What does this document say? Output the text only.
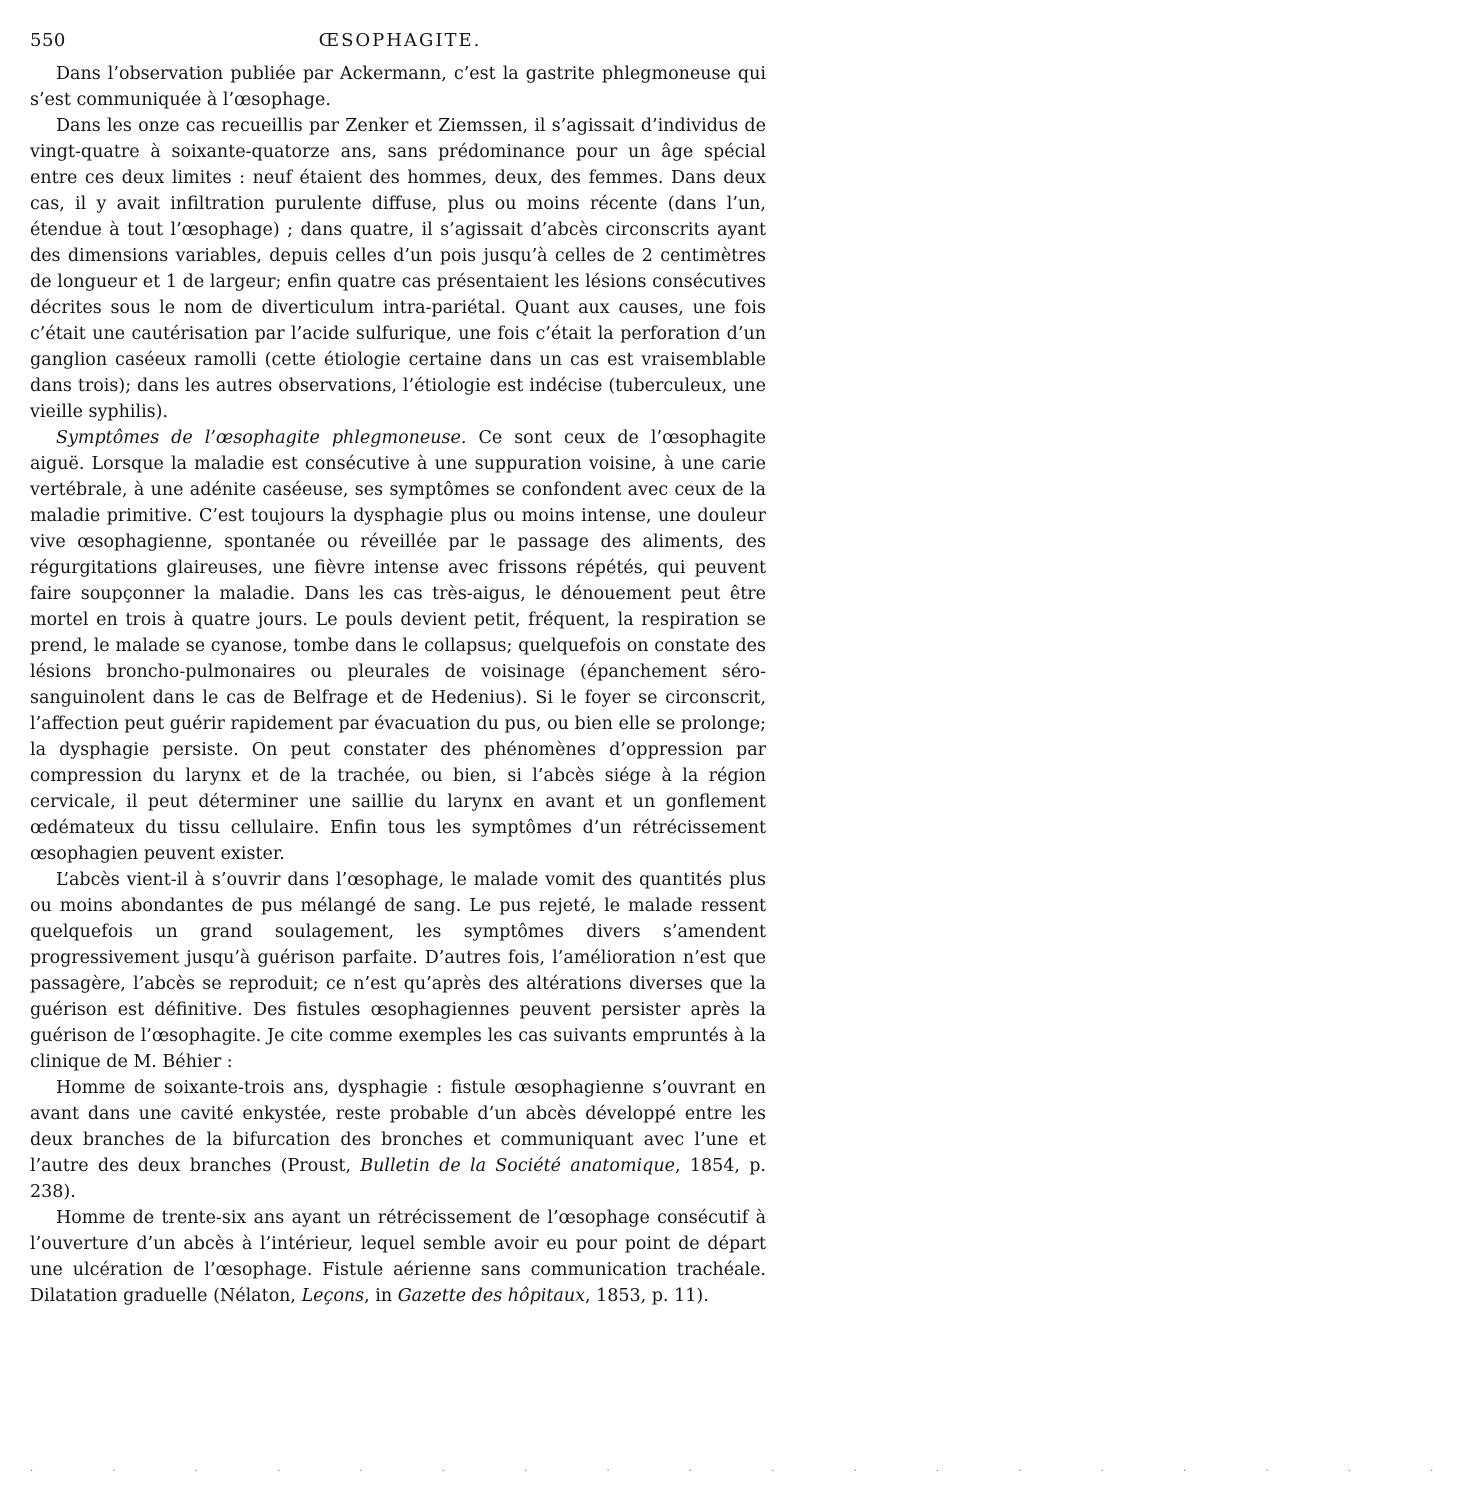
550	ŒSOPHAGITE.

Dans l’observation publiée par Ackermann, c’est la gastrite phlegmoneuse qui s’est communiquée à l’œsophage.

Dans les onze cas recueillis par Zenker et Ziemssen, il s’agissait d’individus de vingt-quatre à soixante-quatorze ans, sans prédominance pour un âge spécial entre ces deux limites : neuf étaient des hommes, deux, des femmes. Dans deux cas, il y avait infiltration purulente diffuse, plus ou moins récente (dans l’un, étendue à tout l’œsophage) ; dans quatre, il s’agissait d’abcès circonscrits ayant des dimensions variables, depuis celles d’un pois jusqu’à celles de 2 centimètres de longueur et 1 de largeur; enfin quatre cas présentaient les lésions consécutives décrites sous le nom de diverticulum intra-pariétal. Quant aux causes, une fois c’était une cautérisation par l’acide sulfurique, une fois c’était la perforation d’un ganglion caséeux ramolli (cette étiologie certaine dans un cas est vraisemblable dans trois); dans les autres observations, l’étiologie est indécise (tuberculeux, une vieille syphilis).

Symptômes de l’œsophagite phlegmoneuse. Ce sont ceux de l’œsophagite aiguë. Lorsque la maladie est consécutive à une suppuration voisine, à une carie vertébrale, à une adénite caséeuse, ses symptômes se confondent avec ceux de la maladie primitive. C’est toujours la dysphagie plus ou moins intense, une douleur vive œsophagienne, spontanée ou réveillée par le passage des aliments, des régurgitations glaireuses, une fièvre intense avec frissons répétés, qui peuvent faire soupçonner la maladie. Dans les cas très-aigus, le dénouement peut être mortel en trois à quatre jours. Le pouls devient petit, fréquent, la respiration se prend, le malade se cyanose, tombe dans le collapsus; quelquefois on constate des lésions broncho-pulmonaires ou pleurales de voisinage (épanchement séro-sanguinolent dans le cas de Belfrage et de Hedenius). Si le foyer se circonscrit, l’affection peut guérir rapidement par évacuation du pus, ou bien elle se prolonge; la dysphagie persiste. On peut constater des phénomènes d’oppression par compression du larynx et de la trachée, ou bien, si l’abcès siége à la région cervicale, il peut déterminer une saillie du larynx en avant et un gonflement œdémateux du tissu cellulaire. Enfin tous les symptômes d’un rétrécissement œsophagien peuvent exister.

L’abcès vient-il à s’ouvrir dans l’œsophage, le malade vomit des quantités plus ou moins abondantes de pus mélangé de sang. Le pus rejeté, le malade ressent quelquefois un grand soulagement, les symptômes divers s’amendent progressivement jusqu’à guérison parfaite. D’autres fois, l’amélioration n’est que passagère, l’abcès se reproduit; ce n’est qu’après des altérations diverses que la guérison est définitive. Des fistules œsophagiennes peuvent persister après la guérison de l’œsophagite. Je cite comme exemples les cas suivants empruntés à la clinique de M. Béhier :

Homme de soixante-trois ans, dysphagie : fistule œsophagienne s’ouvrant en avant dans une cavité enkystée, reste probable d’un abcès développé entre les deux branches de la bifurcation des bronches et communiquant avec l’une et l’autre des deux branches (Proust, Bulletin de la Société anatomique, 1854, p. 238).

Homme de trente-six ans ayant un rétrécissement de l’œsophage consécutif à l’ouverture d’un abcès à l’intérieur, lequel semble avoir eu pour point de départ une ulcération de l’œsophage. Fistule aérienne sans communication trachéale. Dilatation graduelle (Nélaton, Leçons, in Gazette des hôpitaux, 1853, p. 11).

· · · · · · · · · · · · · · · · · ·
